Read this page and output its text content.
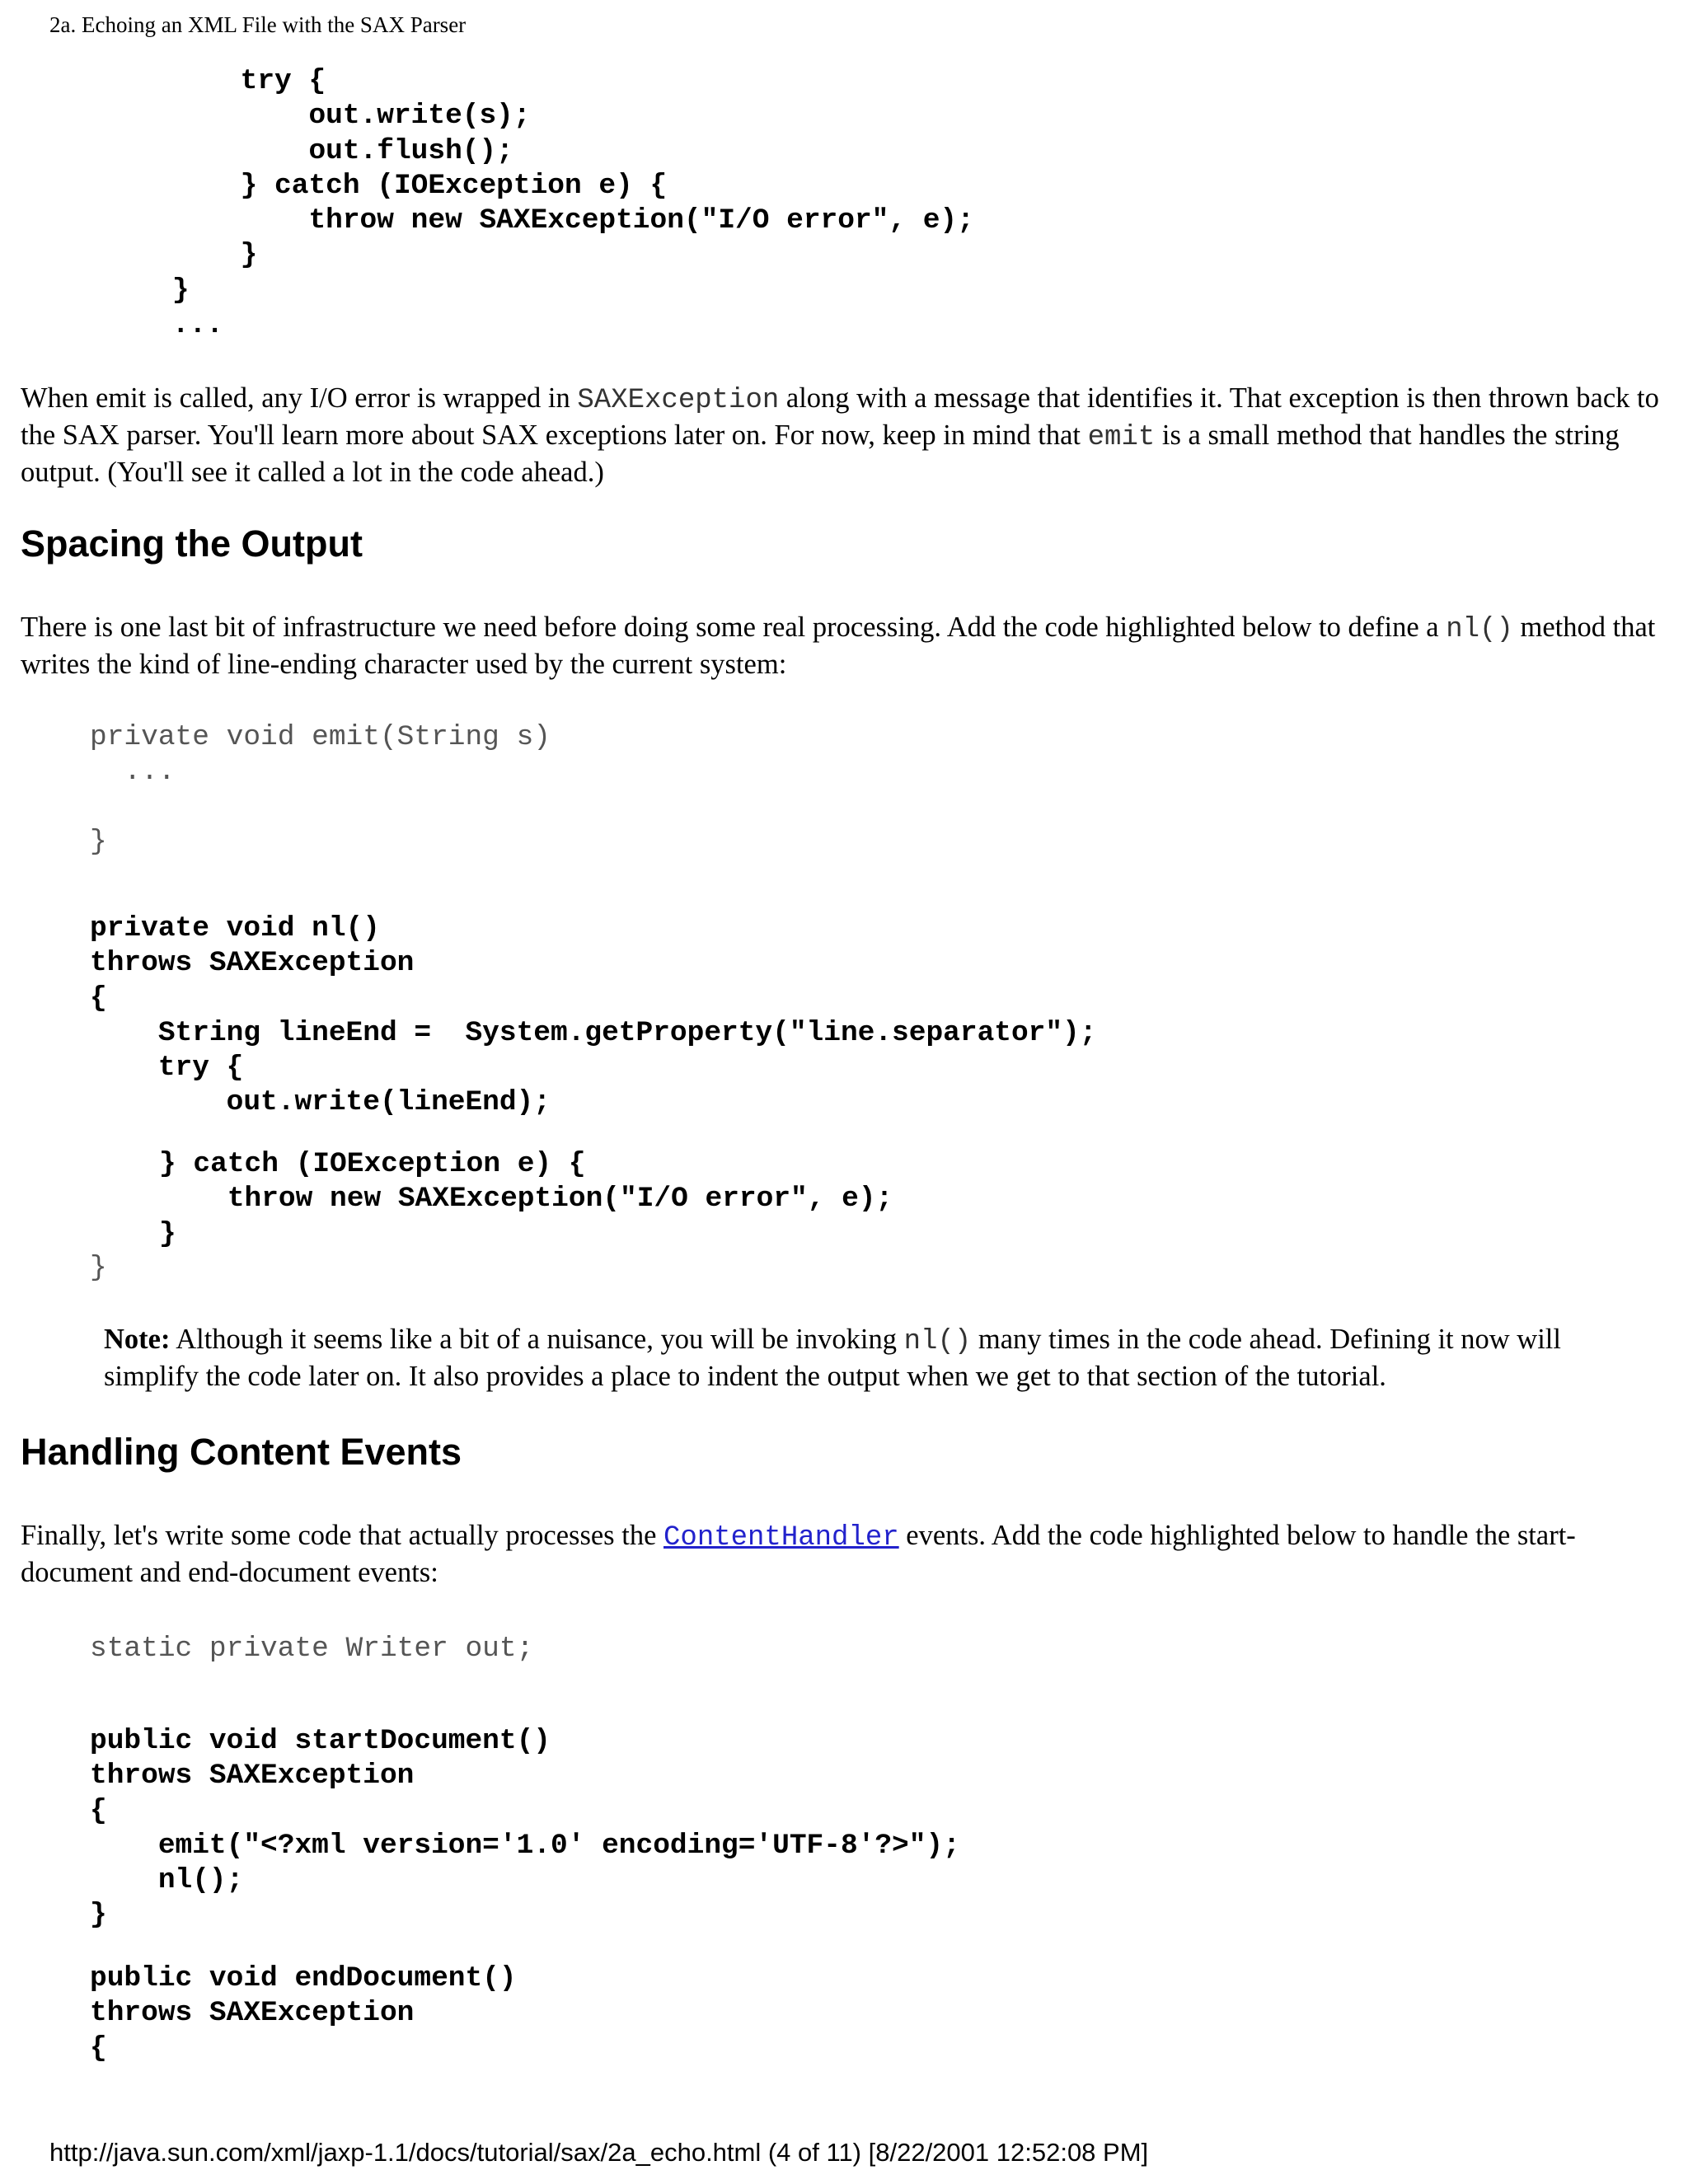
2a. Echoing an XML File with the SAX Parser
try {
out.write(s);
out.flush();
} catch (IOException e) {
throw new SAXException("I/O error", e);
}
}
...

When emit is called, any I/O error is wrapped in SAXException along with a message that identifies it. That exception is then thrown back to the SAX parser. You'll learn more about SAX exceptions later on. For now, keep in mind that emit is a small method that handles the string output. (You'll see it called a lot in the code ahead.)

Spacing the Output

There is one last bit of infrastructure we need before doing some real processing. Add the code highlighted below to define a nl() method that writes the kind of line-ending character used by the current system:

private void emit(String s)
...

}
private void nl()
throws SAXException
{
String lineEnd =  System.getProperty("line.separator");
try {
out.write(lineEnd);
} catch (IOException e) {
throw new SAXException("I/O error", e);
}
}

Note: Although it seems like a bit of a nuisance, you will be invoking nl() many times in the code ahead. Defining it now will simplify the code later on. It also provides a place to indent the output when we get to that section of the tutorial.

Handling Content Events

Finally, let's write some code that actually processes the ContentHandler events. Add the code highlighted below to handle the start-document and end-document events:

static private Writer out;
public void startDocument()
throws SAXException
{
emit("<?xml version='1.0' encoding='UTF-8'?>");
nl();
}
public void endDocument()
throws SAXException
{
http://java.sun.com/xml/jaxp-1.1/docs/tutorial/sax/2a_echo.html (4 of 11) [8/22/2001 12:52:08 PM]
